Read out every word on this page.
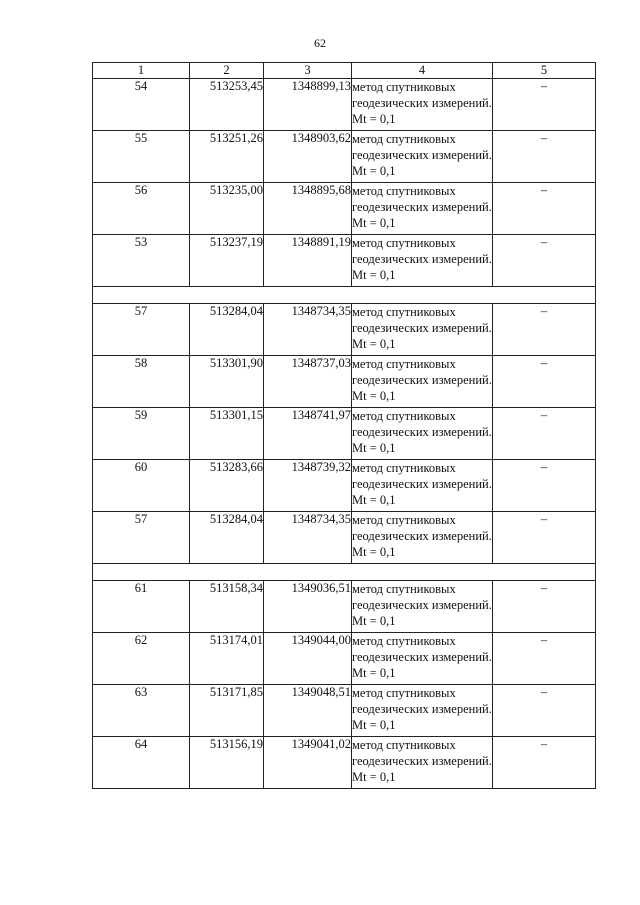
62
1	2	3	4	5
54	513253,45	1348899,13	метод спутниковых геодезических измерений. Mt = 0,1	–
55	513251,26	1348903,62	метод спутниковых геодезических измерений. Mt = 0,1	–
56	513235,00	1348895,68	метод спутниковых геодезических измерений. Mt = 0,1	–
53	513237,19	1348891,19	метод спутниковых геодезических измерений. Mt = 0,1	–

57	513284,04	1348734,35	метод спутниковых геодезических измерений. Mt = 0,1	–
58	513301,90	1348737,03	метод спутниковых геодезических измерений. Mt = 0,1	–
59	513301,15	1348741,97	метод спутниковых геодезических измерений. Mt = 0,1	–
60	513283,66	1348739,32	метод спутниковых геодезических измерений. Mt = 0,1	–
57	513284,04	1348734,35	метод спутниковых геодезических измерений. Mt = 0,1	–

61	513158,34	1349036,51	метод спутниковых геодезических измерений. Mt = 0,1	–
62	513174,01	1349044,00	метод спутниковых геодезических измерений. Mt = 0,1	–
63	513171,85	1349048,51	метод спутниковых геодезических измерений. Mt = 0,1	–
64	513156,19	1349041,02	метод спутниковых геодезических измерений. Mt = 0,1	–
